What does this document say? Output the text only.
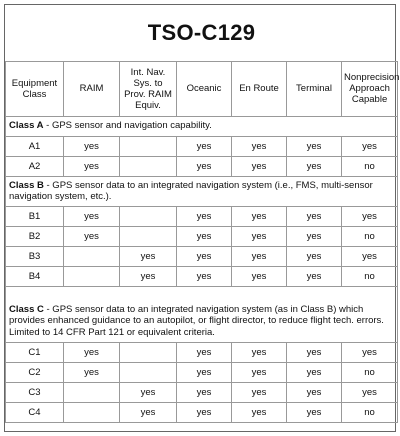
TSO-C129						
Equipment Class	RAIM	Int. Nav. Sys. to Prov. RAIM Equiv.	Oceanic	En Route	Terminal	Nonprecision Approach Capable
Class A - GPS sensor and navigation capability.						
A1	yes		yes	yes	yes	yes
A2	yes		yes	yes	yes	no
Class B - GPS sensor data to an integrated navigation system (i.e., FMS, multi-sensor navigation system, etc.).						
B1	yes		yes	yes	yes	yes
B2	yes		yes	yes	yes	no
B3		yes	yes	yes	yes	yes
B4		yes	yes	yes	yes	no
Class C - GPS sensor data to an integrated navigation system (as in Class B) which provides enhanced guidance to an autopilot, or flight director, to reduce flight tech. errors. Limited to 14 CFR Part 121 or equivalent criteria.						
C1	yes		yes	yes	yes	yes
C2	yes		yes	yes	yes	no
C3		yes	yes	yes	yes	yes
C4		yes	yes	yes	yes	no
